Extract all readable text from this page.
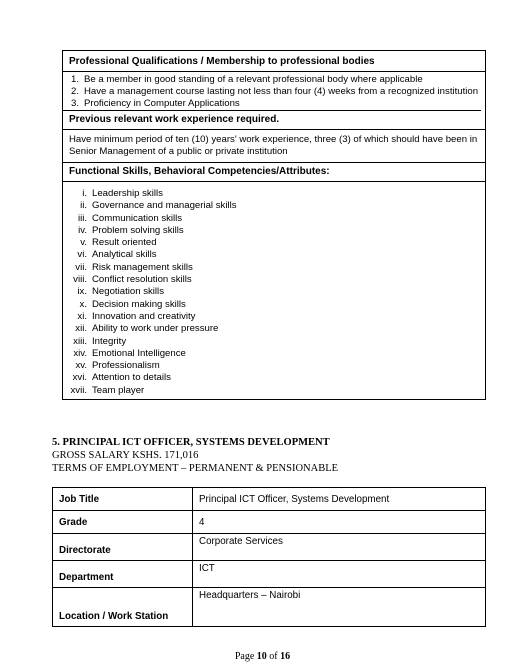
Professional Qualifications / Membership to professional bodies
1. Be a member in good standing of a relevant professional body where applicable
2. Have a management course lasting not less than four (4) weeks from a recognized institution
3. Proficiency in Computer Applications
Previous relevant work experience required.
Have minimum period of ten (10) years' work experience, three (3) of which should have been in Senior Management of a public or private institution
Functional Skills, Behavioral Competencies/Attributes:
i. Leadership skills
ii. Governance and managerial skills
iii. Communication skills
iv. Problem solving skills
v. Result oriented
vi. Analytical skills
vii. Risk management skills
viii. Conflict resolution skills
ix. Negotiation skills
x. Decision making skills
xi. Innovation and creativity
xii. Ability to work under pressure
xiii. Integrity
xiv. Emotional Intelligence
xv. Professionalism
xvi. Attention to details
xvii. Team player
5. PRINCIPAL ICT OFFICER, SYSTEMS DEVELOPMENT
GROSS SALARY KSHS. 171,016
TERMS OF EMPLOYMENT – PERMANENT & PENSIONABLE
Job Title	Principal ICT Officer, Systems Development
Grade	4
Directorate	Corporate Services
Department	ICT
Location / Work Station	Headquarters – Nairobi
Page 10 of 16
